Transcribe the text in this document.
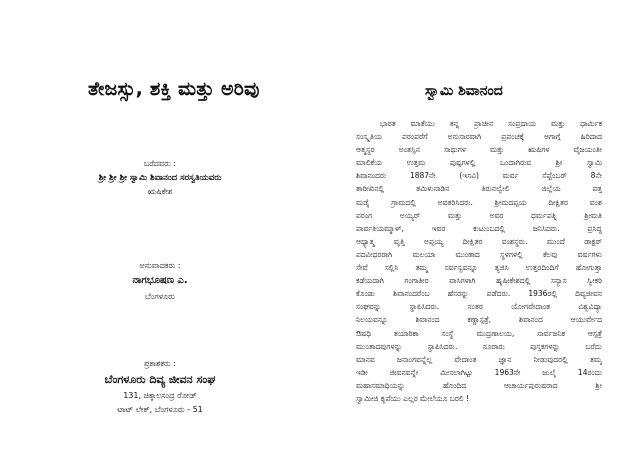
ತೇಜಸ್ಸು, ಶಕ್ತಿ ಮತ್ತು ಅರಿವು
ಬರೆದವರು :
ಶ್ರೀ ಶ್ರೀ ಶ್ರೀ ಸ್ವಾಮಿ ಶಿವಾನಂದ ಸರಸ್ವತಿಯವರು
ಋಷಿಕೇಶ
ಅನುವಾದಕರು :
ನಾಗಭೂಷಣ ಎ.
ಬೆಂಗಳೂರು
ಪ್ರಕಾಶಕರು :
ಬೆಂಗಳೂರು ದಿವ್ಯ ಜೀವನ ಸಂಘ
131, ಚಿಕ್ಕಾಲಸಂದ್ರ ರೋಡ್
ಟಾಟ್ ಲೇಕ್, ಬೆಂಗಳೂರು - 51
ಸ್ವಾಮಿ ಶಿವಾನಂದ
ಭಾರತ ಮಾತೆಯು ತನ್ನ ಪ್ರಾಚೀನ ಸಂಪ್ರದಾಯ ಮತ್ತು ಧಾರ್ಮಿಕ
ಸಂಸ್ಕೃತಿಯ ಪರಂಪರೆಗೆ ಅನುಸಾರವಾಗಿ ಪ್ರಪಂಚಕ್ಕೆ ಅಗಾಗ್ಗೆ ಹಿರಿದಾದ
ಆತ್ಮಸ್ಥರ ಅಂತಸ್ಸಿನ ಸಾಧುಗಳ ಮತ್ತು ಋಷಿಗಳ ವೈಜಯಂತೀ
ಮಾಲಿಕೆಯ ಉತ್ತಮ ಪುಷ್ಪಗಳಲ್ಲಿ ಒಂದಾಗಿರುವ ಶ್ರೀ ಸ್ವಾಮಿ
ಶಿವಾನಂದರು 1887ನೇ (ಇಸವಿ) ಮರ್ವ ಸೆಪ್ಟೆಂಬರ್ 8ನೇ
ತಾರೀಖಿನಲ್ಲಿ ತಮಿಳುನಾಡಿನ ತಿರುನಲ್ವೇಲಿ ಜಿಲ್ಲೆಯ ಪತ್ತ
ಮಡೈ ಗ್ರಾಮದಲ್ಲಿ ಅವತರಿಸಿದರು. ಶ್ರೀಮದಪ್ಪಯ ದೀಕ್ಷಿತರ ವಂಶ
ಪರಂಗ ಅಯ್ಯರ್ ಮತ್ತು ಅವರ ಧರ್ಮಪತ್ನಿ ಶ್ರೀಮತಿ
ಪಾರ್ವತಿಯಮ್ಮಾಳ್, ಇವರ ಕುಟುಂಬದಲ್ಲಿ ಜನಿಸಿದರು. ಪ್ರಸಿದ್ಧ
ಆಧ್ಯಾತ್ಮ ವೃತ್ತಿ ಅಪ್ಪಯ್ಯ ದೀಕ್ಷಿತರ ವಂಶಸ್ಥರು. ಮುಂದೆ ಡಾಕ್ಟರ್
ಪದವೀಧರರಾಗಿ ಮಲಯಾ ಮುಂತಾದ ಸ್ಥಳಗಳಲ್ಲಿ ಕೆಲವು ವರ್ಷಗಳು
ಸೇವೆ ಸಲ್ಲಿಸಿ ತಮ್ಮ ಸರ್ವಸ್ವವನ್ನೂ ತ್ಯಜಿಸಿ ಉತ್ತರದಿಂದಿಗೆ ಹೋಗುತ್ತಾ
ಕಡೆಯದಾಗಿ ಗಂಗಾತೀರ ವಾಸಿಗಳಾಗಿ ಹೃಷೀಕೇಶದಲ್ಲಿ ಸನ್ಯಾಸ ಸ್ವೀಕರಿ
ಕೊಂಡು ಶಿವಾನಂದರೆಂಬ ಹೆಸರನ್ನು ಪಡೆದರು. 1936ರಲ್ಲಿ ದಿವ್ಯಜೀವನ
ಸಂಘವನ್ನು ಸ್ಥಾಪಿಸಿದರು. ನಂತರ ಯೋಗವೇದಾಂತ ವಿಶ್ವವಿದ್ಯಾ
ನಿಲಯವನ್ನೂ ಶಿವಾನಂದ ಕಣ್ಣಾಸ್ಪತ್ರೆ, ಶಿವಾನಂದ ಆಯುರ್ವೇದ
ಔಷಧಿ ತಯಾರಿಕಾ ಸಂಸ್ಥೆ ಮುದ್ರಣಾಲಯ, ಸಾರ್ವಜನಿಕ ಆಸ್ಪತ್ರೆ
ಮುಂತಾದವುಗಳನ್ನು ಸ್ಥಾಪಿಸಿದರು. ನೂರಾರು ಪುಸ್ತಕಗಳನ್ನು ಬರೆದು
ಮಾನವ ಜನಾಂಗವನ್ನೆಲ್ಲ ವೇದಾಂತ ಜ್ಞಾನ ನೀಡುವುದರಲ್ಲಿ ತಮ್ಮ
ಇಡೀ ಜೀವನವನ್ನೇ ಮೀಸಲಾಗಿಟ್ಟು 1963ನೇ ಜುಲೈ 14ರಂದು
ಮಹಾಸಮಾಧಿಯನ್ನು ಹೊಂದಿದ ಆಚಾರ್ಯಪುರುಷರಾದ ಶ್ರೀ
ಸ್ವಾಮೀಜಿ ಕೃಪೆಯು ಎಲ್ಲರ ಮೇಲೆಯೂ ಬರಲಿ !
